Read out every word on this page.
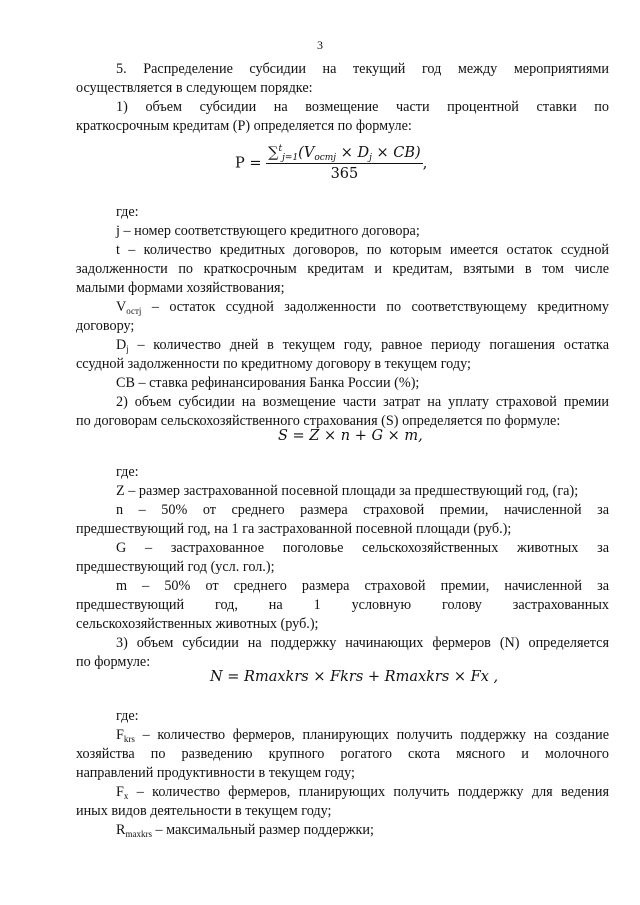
3

5. Распределение субсидии на текущий год между мероприятиями
осуществляется в следующем порядке:

1) объем субсидии на возмещение части процентной ставки по
краткосрочным кредитам (P) определяется по формуле:

$P = \frac{\sum^t_{j=1}(V_{остj} \times D_j \times CB)}{365}$ ,

где:

j – номер соответствующего кредитного договора;

t – количество кредитных договоров, по которым имеется остаток ссудной
задолженности по краткосрочным кредитам и кредитам, взятыми в том числе
малыми формами хозяйствования;

$V_{остj}$ – остаток ссудной задолженности по соответствующему кредитному
договору;

$D_j$ – количество дней в текущем году, равное периоду погашения остатка
ссудной задолженности по кредитному договору в текущем году;

CB – ставка рефинансирования Банка России (%);

2) объем субсидии на возмещение части затрат на уплату страховой премии
по договорам сельскохозяйственного страхования (S) определяется по формуле:

S = Z × n + G × m,

где:

Z – размер застрахованной посевной площади за предшествующий год, (га);

n – 50% от среднего размера страховой премии, начисленной за
предшествующий год, на 1 га застрахованной посевной площади (руб.);

G – застрахованное поголовье сельскохозяйственных животных за
предшествующий год (усл. гол.);

m – 50% от среднего размера страховой премии, начисленной за
предшествующий год, на 1 условную голову застрахованных
сельскохозяйственных животных (руб.);

3) объем субсидии на поддержку начинающих фермеров (N) определяется
по формуле:

N = Rmaxkrs × Fkrs + Rmaxkrs × Fx ,

где:

$F_{krs}$ – количество фермеров, планирующих получить поддержку на создание
хозяйства по разведению крупного рогатого скота мясного и молочного
направлений продуктивности в текущем году;

$F_x$ – количество фермеров, планирующих получить поддержку для ведения
иных видов деятельности в текущем году;

$R_{maxkrs}$ – максимальный размер поддержки;
